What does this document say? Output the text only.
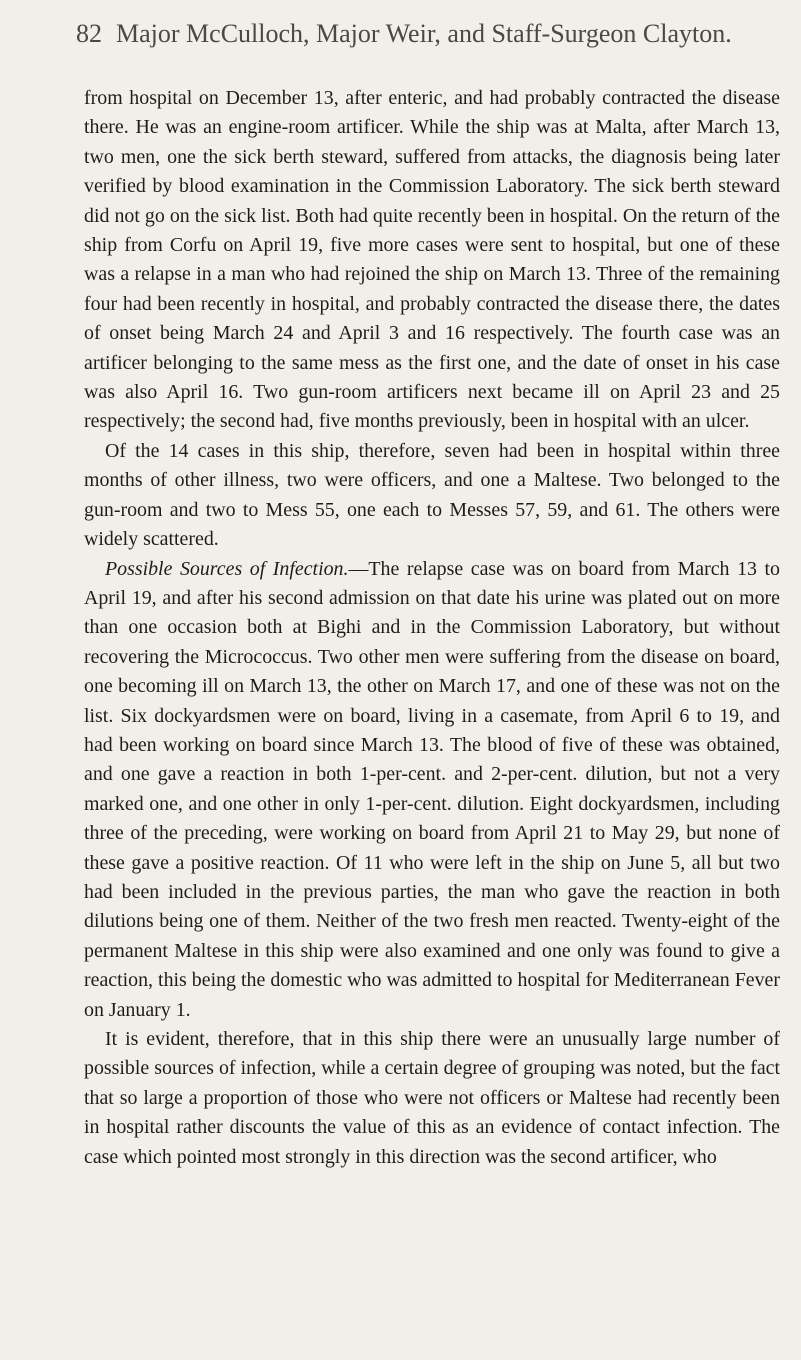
82 Major McCulloch, Major Weir, and Staff-Surgeon Clayton.

from hospital on December 13, after enteric, and had probably contracted the disease there. He was an engine-room artificer. While the ship was at Malta, after March 13, two men, one the sick berth steward, suffered from attacks, the diagnosis being later verified by blood examination in the Commission Laboratory. The sick berth steward did not go on the sick list. Both had quite recently been in hospital. On the return of the ship from Corfu on April 19, five more cases were sent to hospital, but one of these was a relapse in a man who had rejoined the ship on March 13. Three of the remaining four had been recently in hospital, and probably contracted the disease there, the dates of onset being March 24 and April 3 and 16 respectively. The fourth case was an artificer belonging to the same mess as the first one, and the date of onset in his case was also April 16. Two gun-room artificers next became ill on April 23 and 25 respectively; the second had, five months previously, been in hospital with an ulcer.

Of the 14 cases in this ship, therefore, seven had been in hospital within three months of other illness, two were officers, and one a Maltese. Two belonged to the gun-room and two to Mess 55, one each to Messes 57, 59, and 61. The others were widely scattered.

Possible Sources of Infection.—The relapse case was on board from March 13 to April 19, and after his second admission on that date his urine was plated out on more than one occasion both at Bighi and in the Commission Laboratory, but without recovering the Micrococcus. Two other men were suffering from the disease on board, one becoming ill on March 13, the other on March 17, and one of these was not on the list. Six dockyardsmen were on board, living in a casemate, from April 6 to 19, and had been working on board since March 13. The blood of five of these was obtained, and one gave a reaction in both 1-per-cent. and 2-per-cent. dilution, but not a very marked one, and one other in only 1-per-cent. dilution. Eight dockyardsmen, including three of the preceding, were working on board from April 21 to May 29, but none of these gave a positive reaction. Of 11 who were left in the ship on June 5, all but two had been included in the previous parties, the man who gave the reaction in both dilutions being one of them. Neither of the two fresh men reacted. Twenty-eight of the permanent Maltese in this ship were also examined and one only was found to give a reaction, this being the domestic who was admitted to hospital for Mediterranean Fever on January 1.

It is evident, therefore, that in this ship there were an unusually large number of possible sources of infection, while a certain degree of grouping was noted, but the fact that so large a proportion of those who were not officers or Maltese had recently been in hospital rather discounts the value of this as an evidence of contact infection. The case which pointed most strongly in this direction was the second artificer, who
